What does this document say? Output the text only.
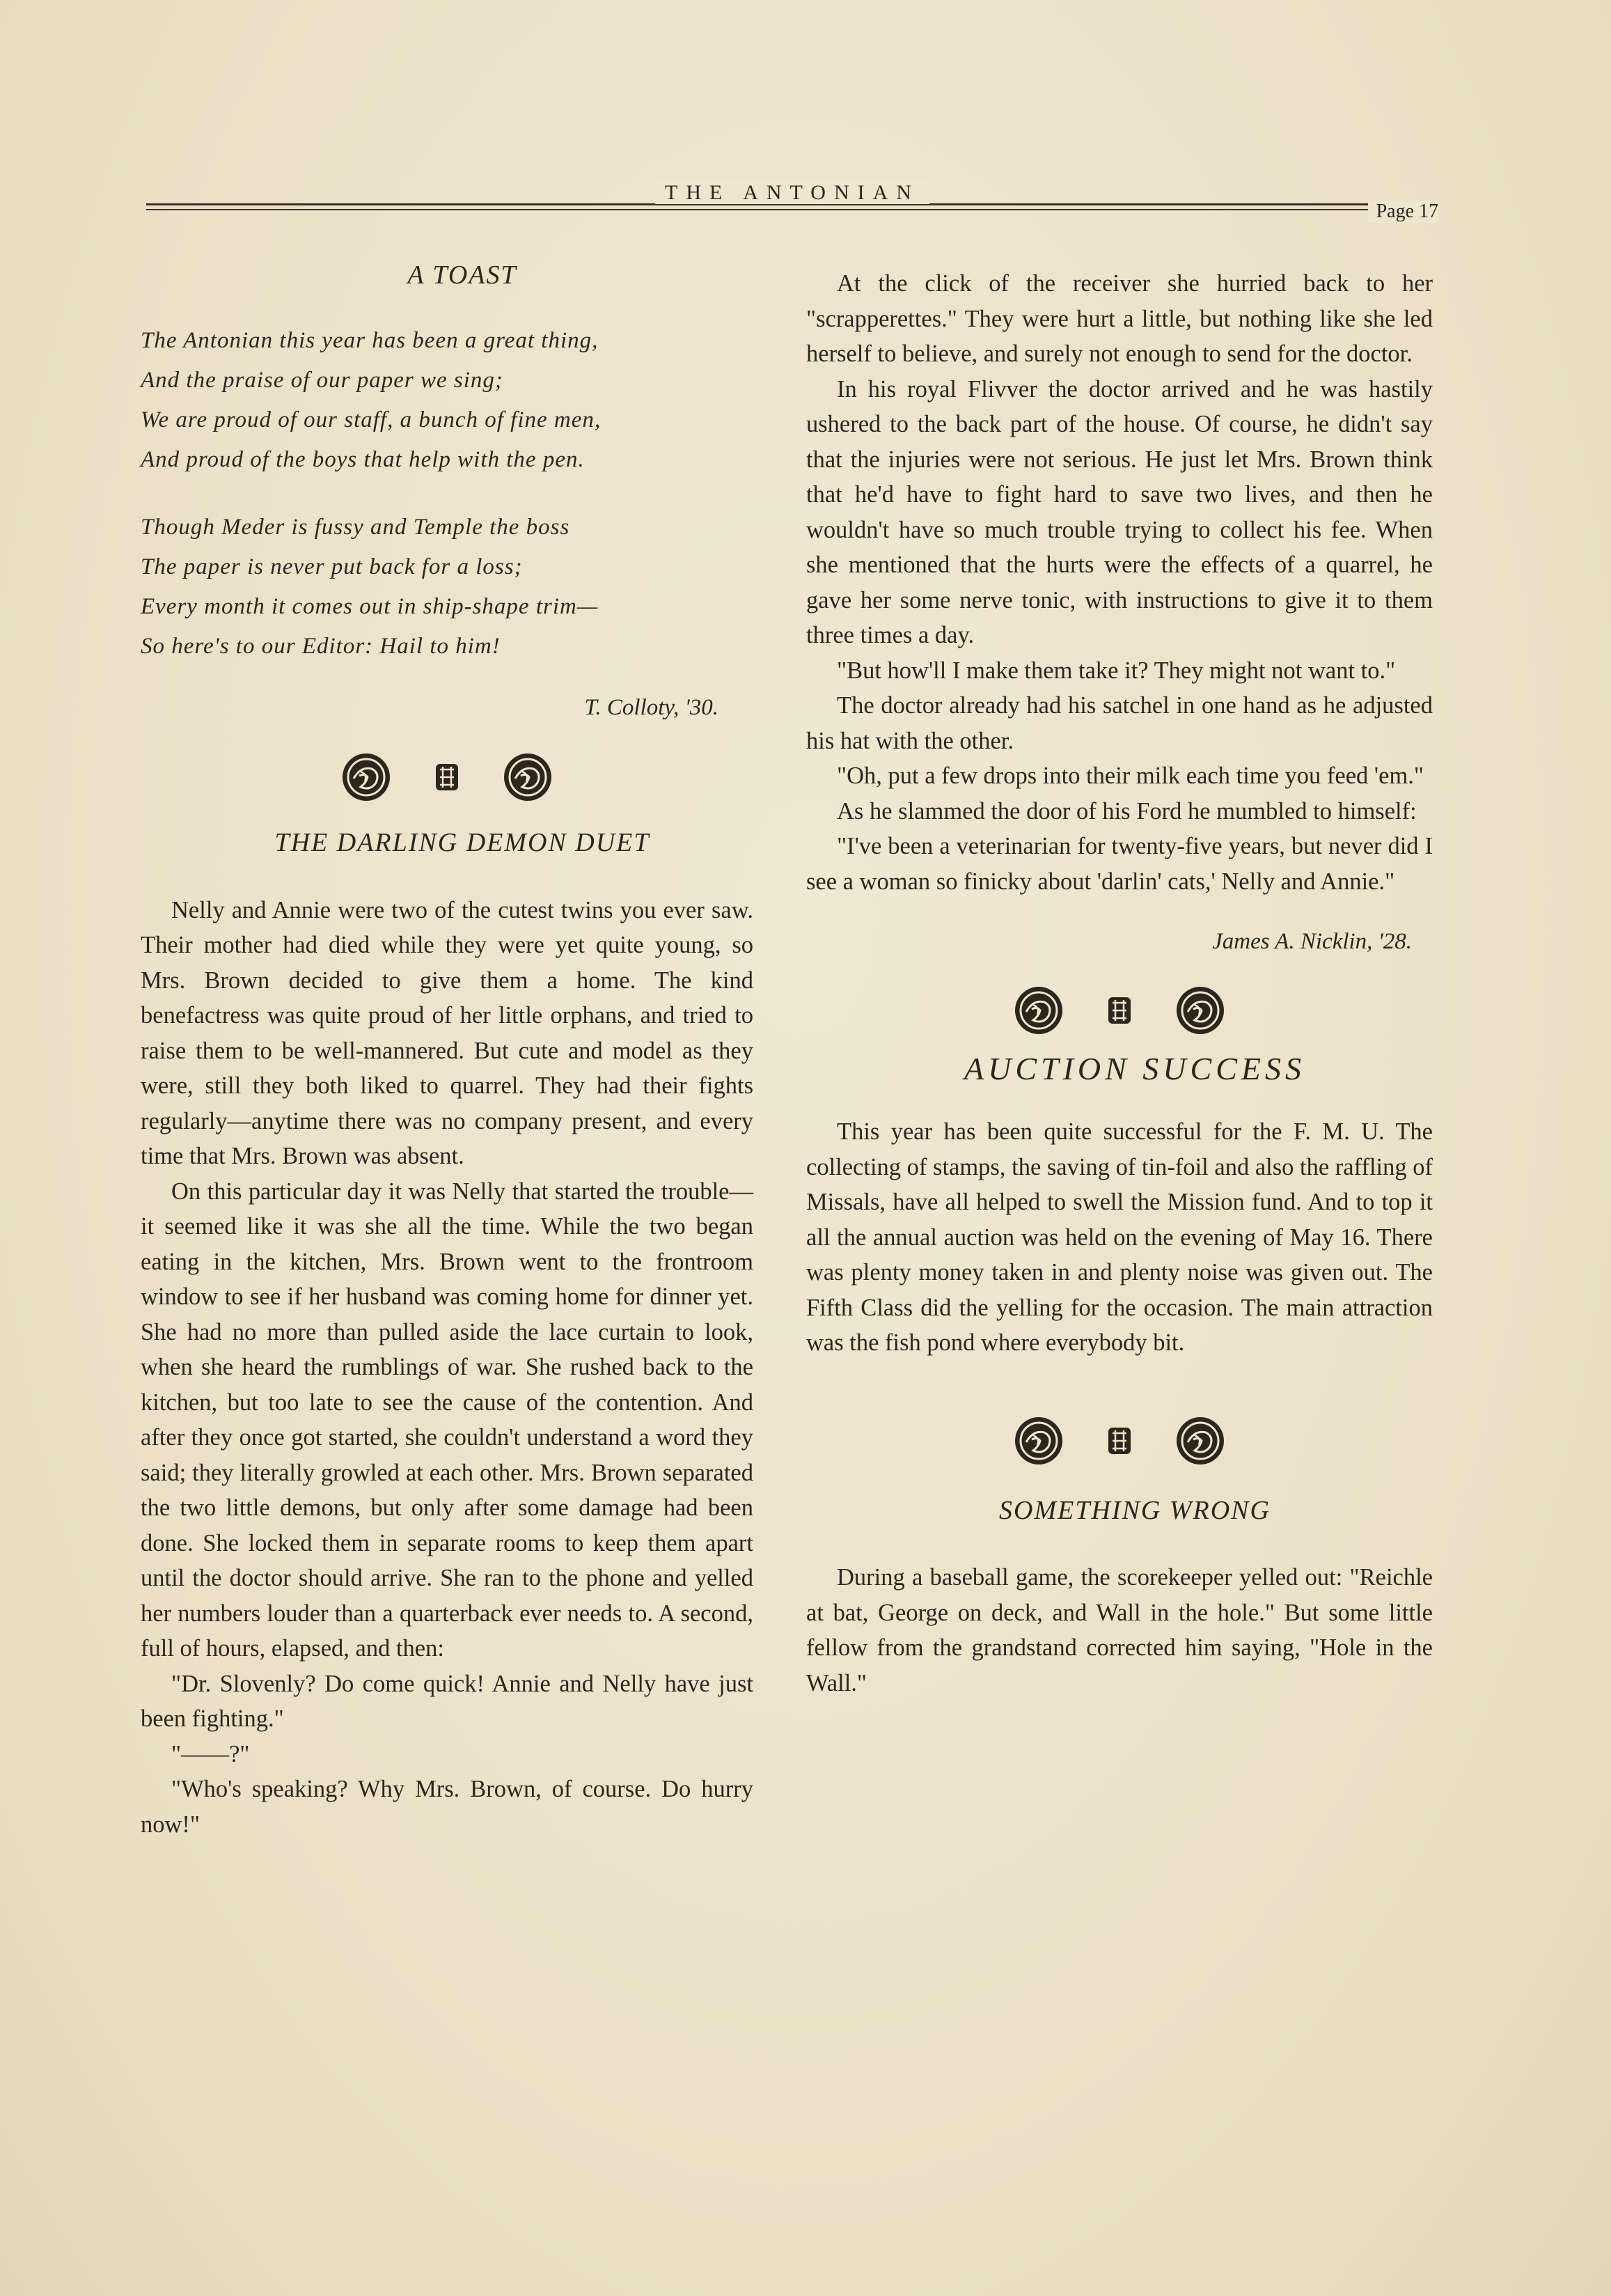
THE ANTONIAN
Page 17

A TOAST

The Antonian this year has been a great thing,
And the praise of our paper we sing;
We are proud of our staff, a bunch of fine men,
And proud of the boys that help with the pen.
Though Meder is fussy and Temple the boss
The paper is never put back for a loss;
Every month it comes out in ship-shape trim—
So here's to our Editor: Hail to him!

T. Colloty, '30.

THE DARLING DEMON DUET

Nelly and Annie were two of the cutest twins you ever saw. Their mother had died while they were yet quite young, so Mrs. Brown decided to give them a home. The kind benefactress was quite proud of her little orphans, and tried to raise them to be well-mannered. But cute and model as they were, still they both liked to quarrel. They had their fights regularly—anytime there was no company present, and every time that Mrs. Brown was absent.

On this particular day it was Nelly that started the trouble—it seemed like it was she all the time. While the two began eating in the kitchen, Mrs. Brown went to the frontroom window to see if her husband was coming home for dinner yet. She had no more than pulled aside the lace curtain to look, when she heard the rumblings of war. She rushed back to the kitchen, but too late to see the cause of the contention. And after they once got started, she couldn't understand a word they said; they literally growled at each other. Mrs. Brown separated the two little demons, but only after some damage had been done. She locked them in separate rooms to keep them apart until the doctor should arrive. She ran to the phone and yelled her numbers louder than a quarterback ever needs to. A second, full of hours, elapsed, and then:

"Dr. Slovenly? Do come quick! Annie and Nelly have just been fighting."

"——?"

"Who's speaking? Why Mrs. Brown, of course. Do hurry now!"

At the click of the receiver she hurried back to her "scrapperettes." They were hurt a little, but nothing like she led herself to believe, and surely not enough to send for the doctor.

In his royal Flivver the doctor arrived and he was hastily ushered to the back part of the house. Of course, he didn't say that the injuries were not serious. He just let Mrs. Brown think that he'd have to fight hard to save two lives, and then he wouldn't have so much trouble trying to collect his fee. When she mentioned that the hurts were the effects of a quarrel, he gave her some nerve tonic, with instructions to give it to them three times a day.

"But how'll I make them take it? They might not want to."

The doctor already had his satchel in one hand as he adjusted his hat with the other.

"Oh, put a few drops into their milk each time you feed 'em."

As he slammed the door of his Ford he mumbled to himself:

"I've been a veterinarian for twenty-five years, but never did I see a woman so finicky about 'darlin' cats,' Nelly and Annie."

James A. Nicklin, '28.

AUCTION SUCCESS

This year has been quite successful for the F. M. U. The collecting of stamps, the saving of tin-foil and also the raffling of Missals, have all helped to swell the Mission fund. And to top it all the annual auction was held on the evening of May 16. There was plenty money taken in and plenty noise was given out. The Fifth Class did the yelling for the occasion. The main attraction was the fish pond where everybody bit.

SOMETHING WRONG

During a baseball game, the scorekeeper yelled out: "Reichle at bat, George on deck, and Wall in the hole." But some little fellow from the grandstand corrected him saying, "Hole in the Wall."
